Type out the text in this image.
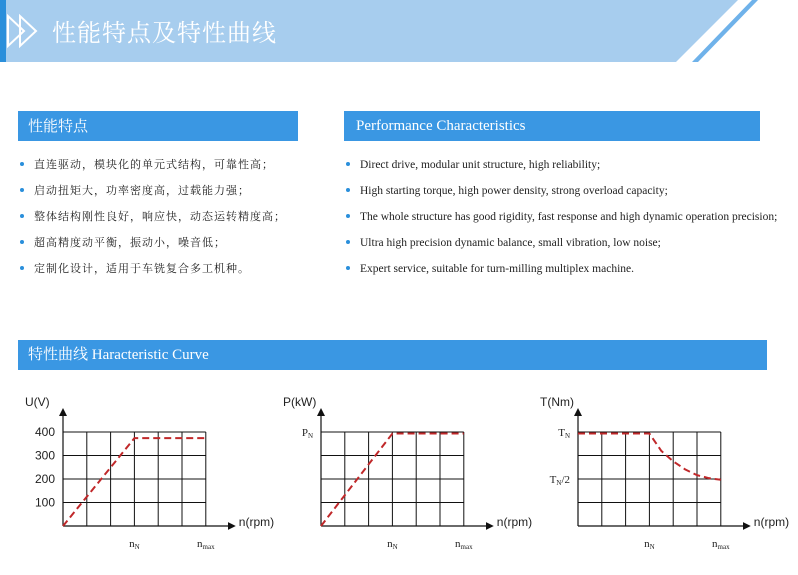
性能特点及特性曲线
性能特点
直连驱动，模块化的单元式结构，可靠性高；
启动扭矩大，功率密度高，过载能力强；
整体结构刚性良好，响应快，动态运转精度高；
超高精度动平衡，振动小，噪音低；
定制化设计，适用于车铣复合多工机种。
Performance Characteristics
Direct drive, modular unit structure, high reliability;
High starting torque, high power density, strong overload capacity;
The whole structure has good rigidity, fast response and high dynamic operation precision;
Ultra high precision dynamic balance, small vibration, low noise;
Expert service, suitable for turn-milling multiplex machine.
特性曲线 Haracteristic Curve
U(V)
n(rpm)
400
300
200
100
nN	nmax
P(kW)
n(rpm)
PN
nN	nmax
T(Nm)
n(rpm)
TN
TN/2
nN	nmax
